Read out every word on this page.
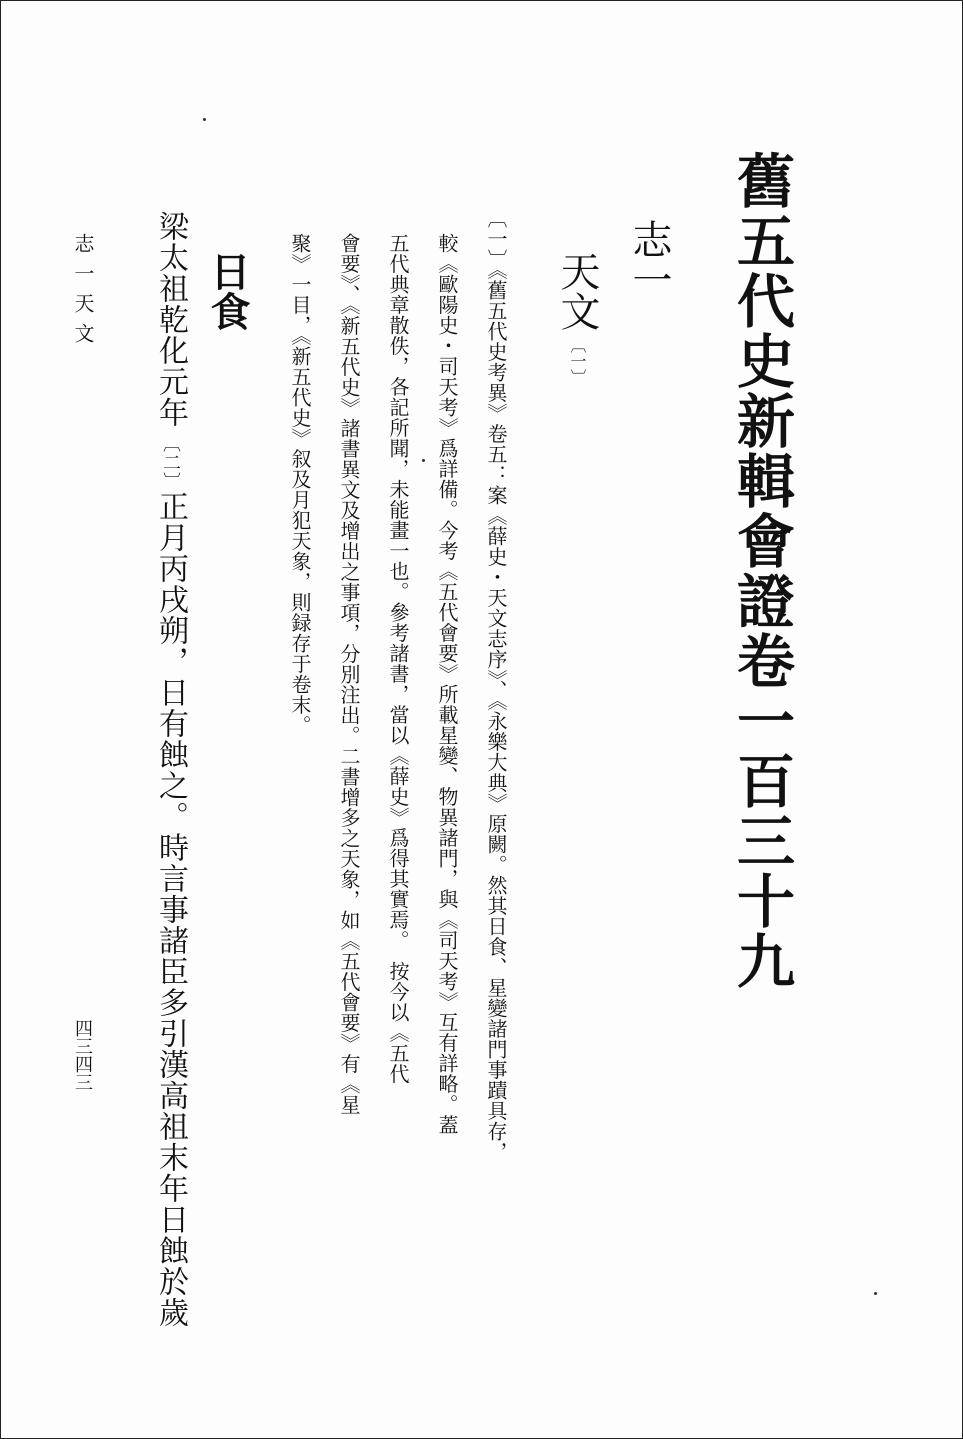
舊五代史新輯會證卷一百三十九
志一
天文〔一〕
〔一〕《舊五代史考異》卷五：案《薛史・天文志序》、《永樂大典》原闕。然其日食、星變諸門事蹟具存，
較《歐陽史・司天考》爲詳備。今考《五代會要》所載星變、物異諸門，與《司天考》互有詳略。蓋
五代典章散佚，各記所聞，未能畫一也。參考諸書，當以《薛史》爲得其實焉。　按今以《五代
會要》、《新五代史》諸書異文及增出之事項，分別注出。二書增多之天象，如《五代會要》有《星
聚》一目，《新五代史》叙及月犯天象，則録存于卷末。
日食
梁太祖乾化元年〔二〕正月丙戌朔，日有蝕之。時言事諸臣多引漢高祖末年日蝕於歲
志一天文
四三四三
